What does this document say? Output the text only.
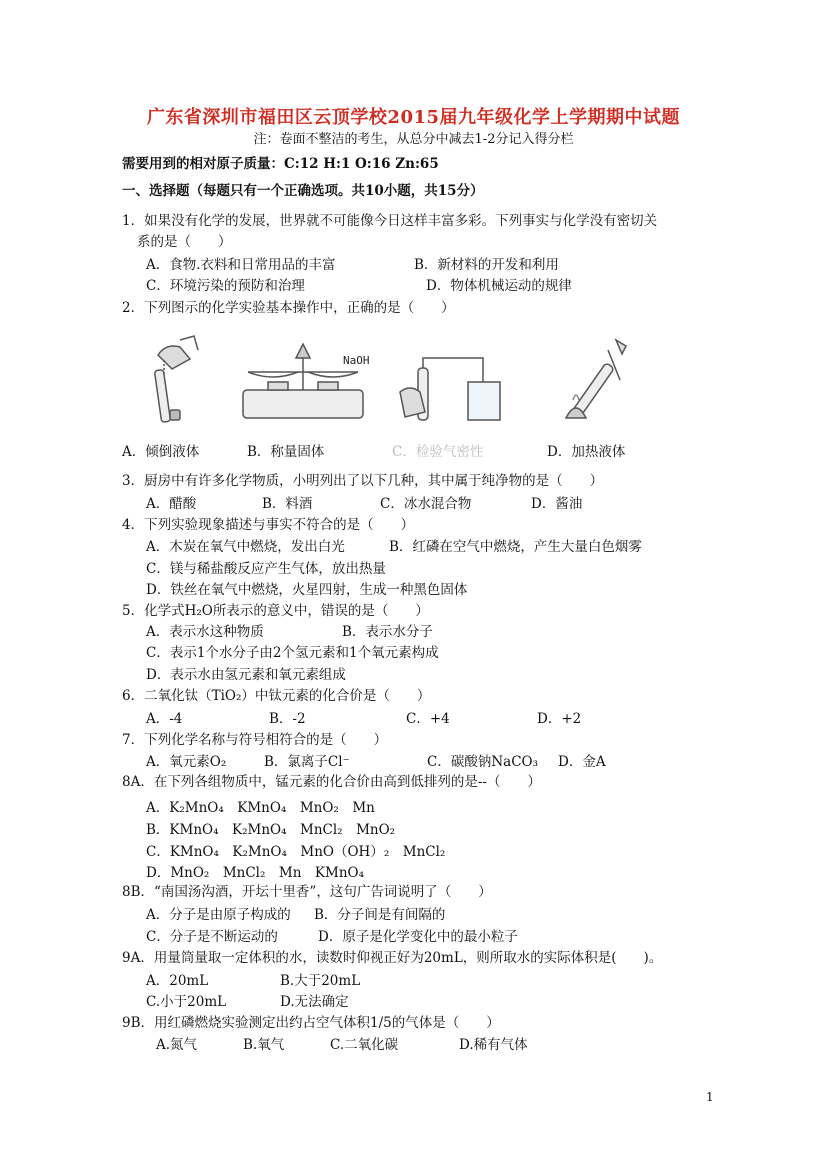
广东省深圳市福田区云顶学校2015届九年级化学上学期期中试题
注：卷面不整洁的考生，从总分中减去1-2分记入得分栏
需要用到的相对原子质量：C:12 H:1 O:16 Zn:65
一、选择题（每题只有一个正确选项。共10小题，共15分）
1．如果没有化学的发展，世界就不可能像今日这样丰富多彩。下列事实与化学没有密切关
系的是（　　）
A．食物.衣料和日常用品的丰富	B．新材料的开发和利用
C．环境污染的预防和治理	D．物体机械运动的规律
2．下列图示的化学实验基本操作中，正确的是（　　）
NaOH
A．倾倒液体	B．称量固体	C．检验气密性	D．加热液体
3．厨房中有许多化学物质，小明列出了以下几种，其中属于纯净物的是（　　）
A．醋酸	B．料酒	C．冰水混合物	D．酱油
4．下列实验现象描述与事实不符合的是（　　）
A．木炭在氧气中燃烧，发出白光	B．红磷在空气中燃烧，产生大量白色烟雾
C．镁与稀盐酸反应产生气体，放出热量
D．铁丝在氧气中燃烧，火星四射，生成一种黑色固体
5．化学式H₂O所表示的意义中，错误的是（　　）
A．表示水这种物质	B．表示水分子
C．表示1个水分子由2个氢元素和1个氧元素构成
D．表示水由氢元素和氧元素组成
6．二氧化钛（TiO₂）中钛元素的化合价是（　　）
A．-4	B．-2	C．+4	D．+2
7．下列化学名称与符号相符合的是（　　）
A．氧元素O₂	B．氯离子Cl⁻	C．碳酸钠NaCO₃ D．金A
8A．在下列各组物质中，锰元素的化合价由高到低排列的是--（　　）
A．K₂MnO₄　KMnO₄　MnO₂　Mn
B．KMnO₄　K₂MnO₄　MnCl₂　MnO₂
C．KMnO₄　K₂MnO₄　MnO（OH）₂　MnCl₂
D．MnO₂　MnCl₂　Mn　KMnO₄
8B．“南国汤沟酒，开坛十里香”，这句广告词说明了（　　）
A．分子是由原子构成的 B．分子间是有间隔的
C．分子是不断运动的	D．原子是化学变化中的最小粒子
9A．用量筒量取一定体积的水，读数时仰视正好为20mL，则所取水的实际体积是(　　)。
A．20mL	B.大于20mL
C.小于20mL	D.无法确定
9B．用红磷燃烧实验测定出约占空气体积1/5的气体是（　　）
A.氮气	B.氧气	C.二氧化碳	D.稀有气体
1
